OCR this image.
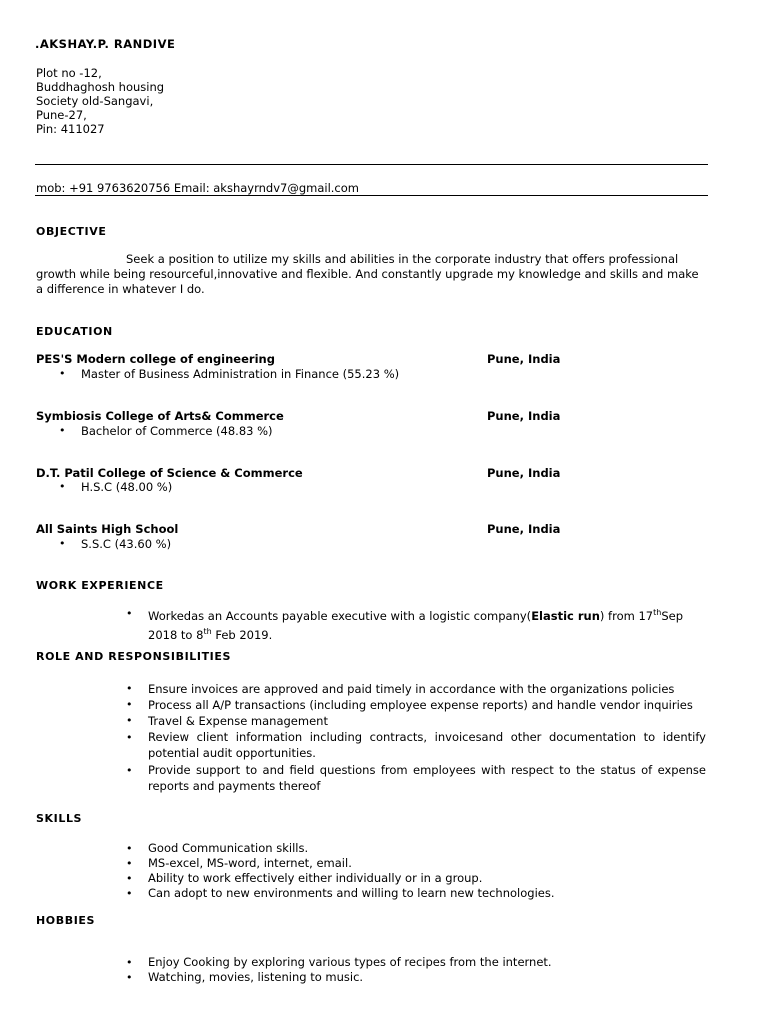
.AKSHAY.P. RANDIVE
Plot no -12,
Buddhaghosh housing
Society old-Sangavi,
Pune-27,
Pin: 411027
mob: +91 9763620756 Email: akshayrndv7@gmail.com
OBJECTIVE
Seek a position to utilize my skills and abilities in the corporate industry that offers professional growth while being resourceful,innovative and flexible. And constantly upgrade my knowledge and skills and make a difference in whatever I do.
EDUCATION
PES'S Modern college of engineering	Pune, India
• Master of Business Administration in Finance (55.23 %)
Symbiosis College of Arts& Commerce	Pune, India
• Bachelor of Commerce (48.83 %)
D.T. Patil College of Science & Commerce	Pune, India
• H.S.C (48.00 %)
All Saints High School	Pune, India
• S.S.C (43.60 %)
WORK EXPERIENCE
• Workedas an Accounts payable executive with a logistic company(Elastic run) from 17thSep 2018 to 8th Feb 2019.
ROLE AND RESPONSIBILITIES
• Ensure invoices are approved and paid timely in accordance with the organizations policies
• Process all A/P transactions (including employee expense reports) and handle vendor inquiries
• Travel & Expense management
• Review client information including contracts, invoicesand other documentation to identify potential audit opportunities.
• Provide support to and field questions from employees with respect to the status of expense reports and payments thereof
SKILLS
• Good Communication skills.
• MS-excel, MS-word, internet, email.
• Ability to work effectively either individually or in a group.
• Can adopt to new environments and willing to learn new technologies.
HOBBIES
• Enjoy Cooking by exploring various types of recipes from the internet.
• Watching, movies, listening to music.
